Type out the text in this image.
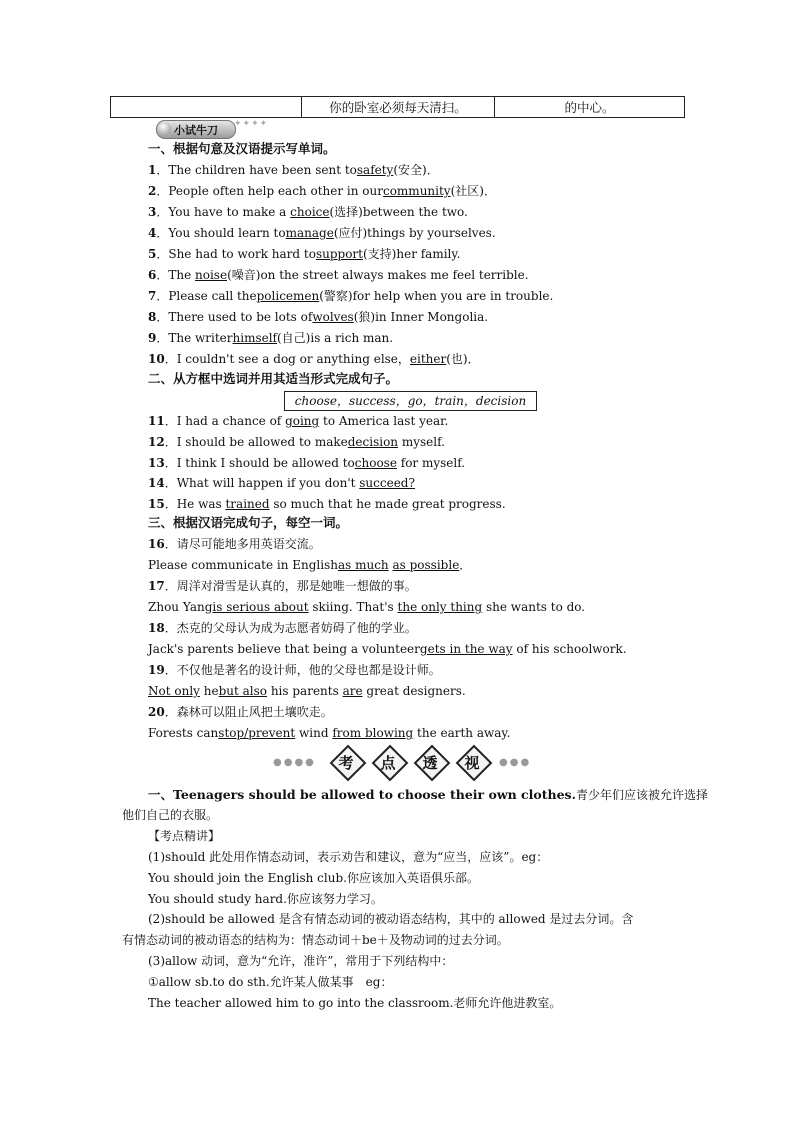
	你的卧室必须每天清扫。	的中心。
小试牛刀 ✦✦✦✦
一、根据句意及汉语提示写单词。
1．The children have been sent tosafety(安全)．
2．People often help each other in ourcommunity(社区)．
3．You have to make a choice(选择)between the two.
4．You should learn tomanage(应付)things by yourselves.
5．She had to work hard tosupport(支持)her family.
6．The noise(噪音)on the street always makes me feel terrible.
7．Please call thepolicemen(警察)for help when you are in trouble.
8．There used to be lots ofwolves(狼)in Inner Mongolia.
9．The writerhimself(自己)is a rich man.
10．I couldn't see a dog or anything else，either(也)．
二、从方框中选词并用其适当形式完成句子。
choose，success，go，train，decision
11．I had a chance of going to America last year.
12．I should be allowed to makedecision myself.
13．I think I should be allowed tochoose for myself.
14．What will happen if you don't succeed?
15．He was trained so much that he made great progress.
三、根据汉语完成句子，每空一词。
16．请尽可能地多用英语交流。
Please communicate in Englishas much as possible．
17．周洋对滑雪是认真的，那是她唯一想做的事。
Zhou Yangis serious about skiing. That's the only thing she wants to do.
18．杰克的父母认为成为志愿者妨碍了他的学业。
Jack's parents believe that being a volunteergets in the way of his schoolwork.
19．不仅他是著名的设计师，他的父母也都是设计师。
Not only hebut also his parents are great designers.
20．森林可以阻止风把土壤吹走。
Forests canstop/prevent wind from blowing the earth away.
●●●●	考	点	透	视	●●●
一、Teenagers should be allowed to choose their own clothes.青少年们应该被允许选择
他们自己的衣服。
【考点精讲】
(1)should 此处用作情态动词，表示劝告和建议，意为“应当，应该”。eg：
You should join the English club.你应该加入英语俱乐部。
You should study hard.你应该努力学习。
(2)should be allowed 是含有情态动词的被动语态结构，其中的 allowed 是过去分词。含
有情态动词的被动语态的结构为：情态动词＋be＋及物动词的过去分词。
(3)allow 动词，意为“允许，准许”，常用于下列结构中：
①allow sb.to do sth.允许某人做某事　eg：
The teacher allowed him to go into the classroom.老师允许他进教室。
